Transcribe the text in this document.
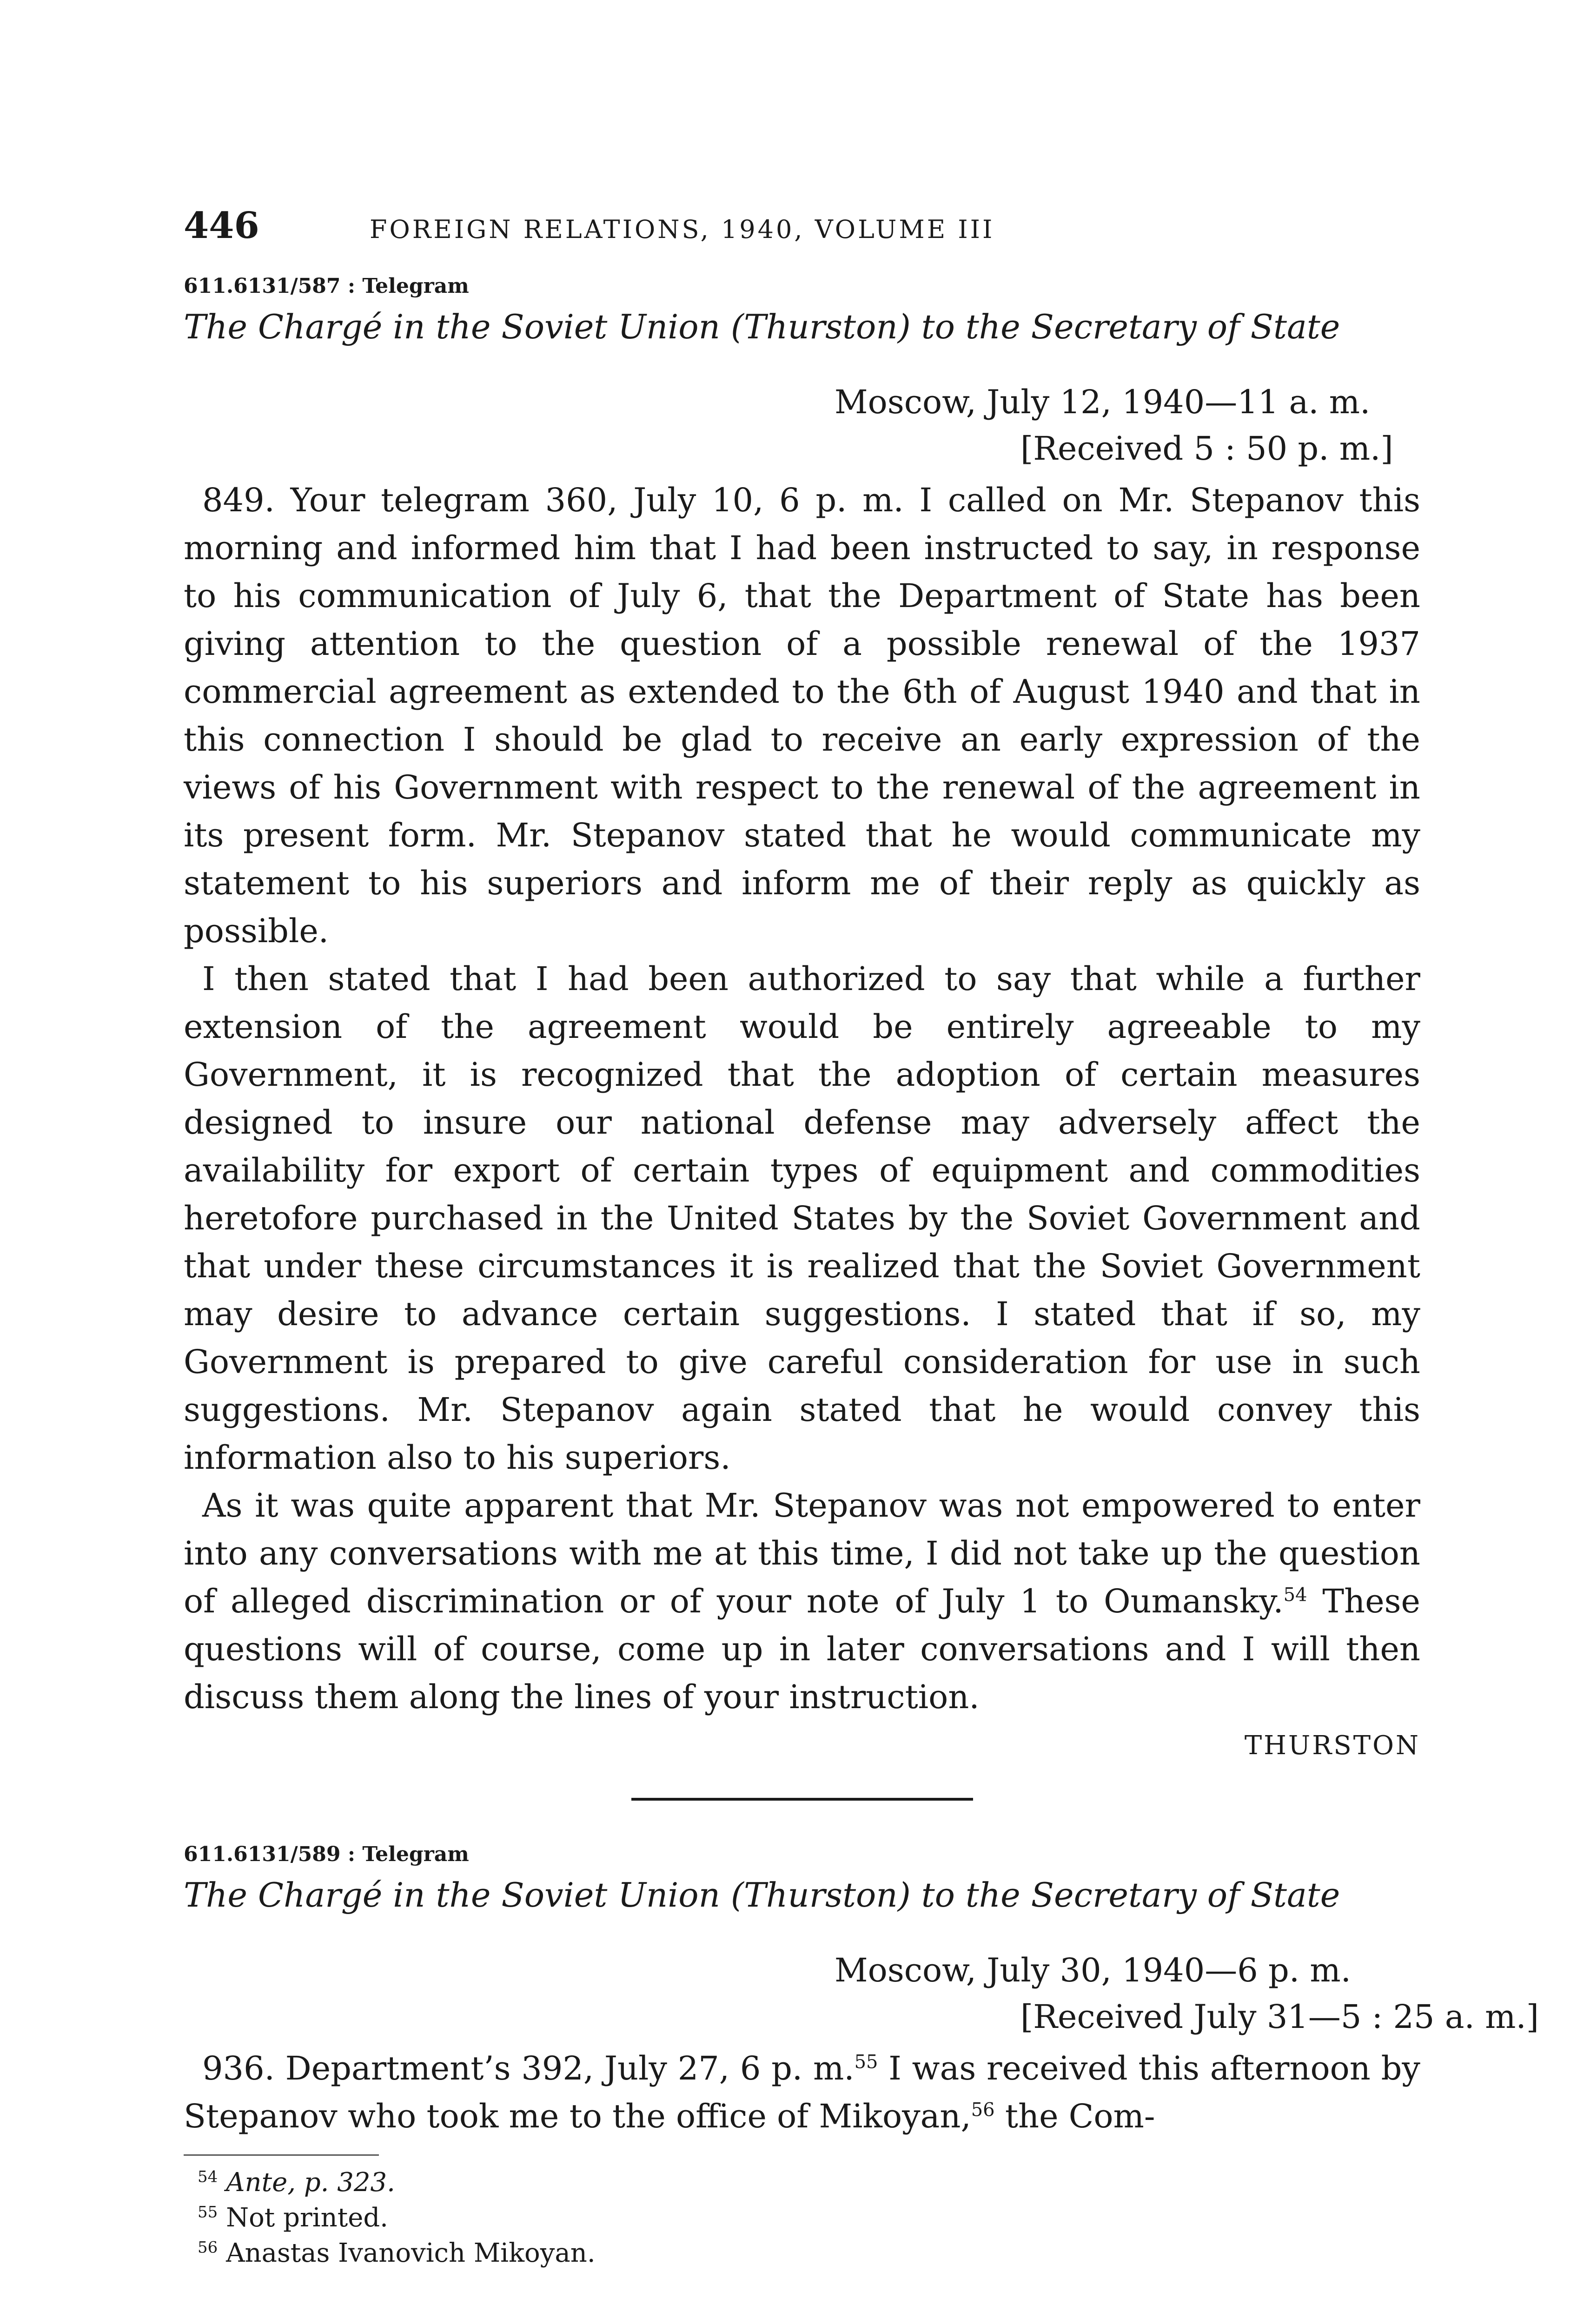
446	FOREIGN RELATIONS, 1940, VOLUME III
611.6131/587 : Telegram
The Chargé in the Soviet Union (Thurston) to the Secretary of State
Moscow, July 12, 1940—11 a. m.
[Received 5 : 50 p. m.]

849. Your telegram 360, July 10, 6 p. m. I called on Mr. Stepanov this morning and informed him that I had been instructed to say, in response to his communication of July 6, that the Department of State has been giving attention to the question of a possible renewal of the 1937 commercial agreement as extended to the 6th of August 1940 and that in this connection I should be glad to receive an early expression of the views of his Government with respect to the renewal of the agreement in its present form. Mr. Stepanov stated that he would communicate my statement to his superiors and inform me of their reply as quickly as possible.

I then stated that I had been authorized to say that while a further extension of the agreement would be entirely agreeable to my Government, it is recognized that the adoption of certain measures designed to insure our national defense may adversely affect the availability for export of certain types of equipment and commodities heretofore purchased in the United States by the Soviet Government and that under these circumstances it is realized that the Soviet Government may desire to advance certain suggestions. I stated that if so, my Government is prepared to give careful consideration for use in such suggestions. Mr. Stepanov again stated that he would convey this information also to his superiors.

As it was quite apparent that Mr. Stepanov was not empowered to enter into any conversations with me at this time, I did not take up the question of alleged discrimination or of your note of July 1 to Oumansky.$^{54}$ These questions will of course, come up in later conversations and I will then discuss them along the lines of your instruction.

THURSTON
611.6131/589 : Telegram
The Chargé in the Soviet Union (Thurston) to the Secretary of State
Moscow, July 30, 1940—6 p. m.
[Received July 31—5 : 25 a. m.]

936. Department’s 392, July 27, 6 p. m.$^{55}$ I was received this afternoon by Stepanov who took me to the office of Mikoyan,$^{56}$ the Com-

$^{54}$ Ante, p. 323.
$^{55}$ Not printed.
$^{56}$ Anastas Ivanovich Mikoyan.
